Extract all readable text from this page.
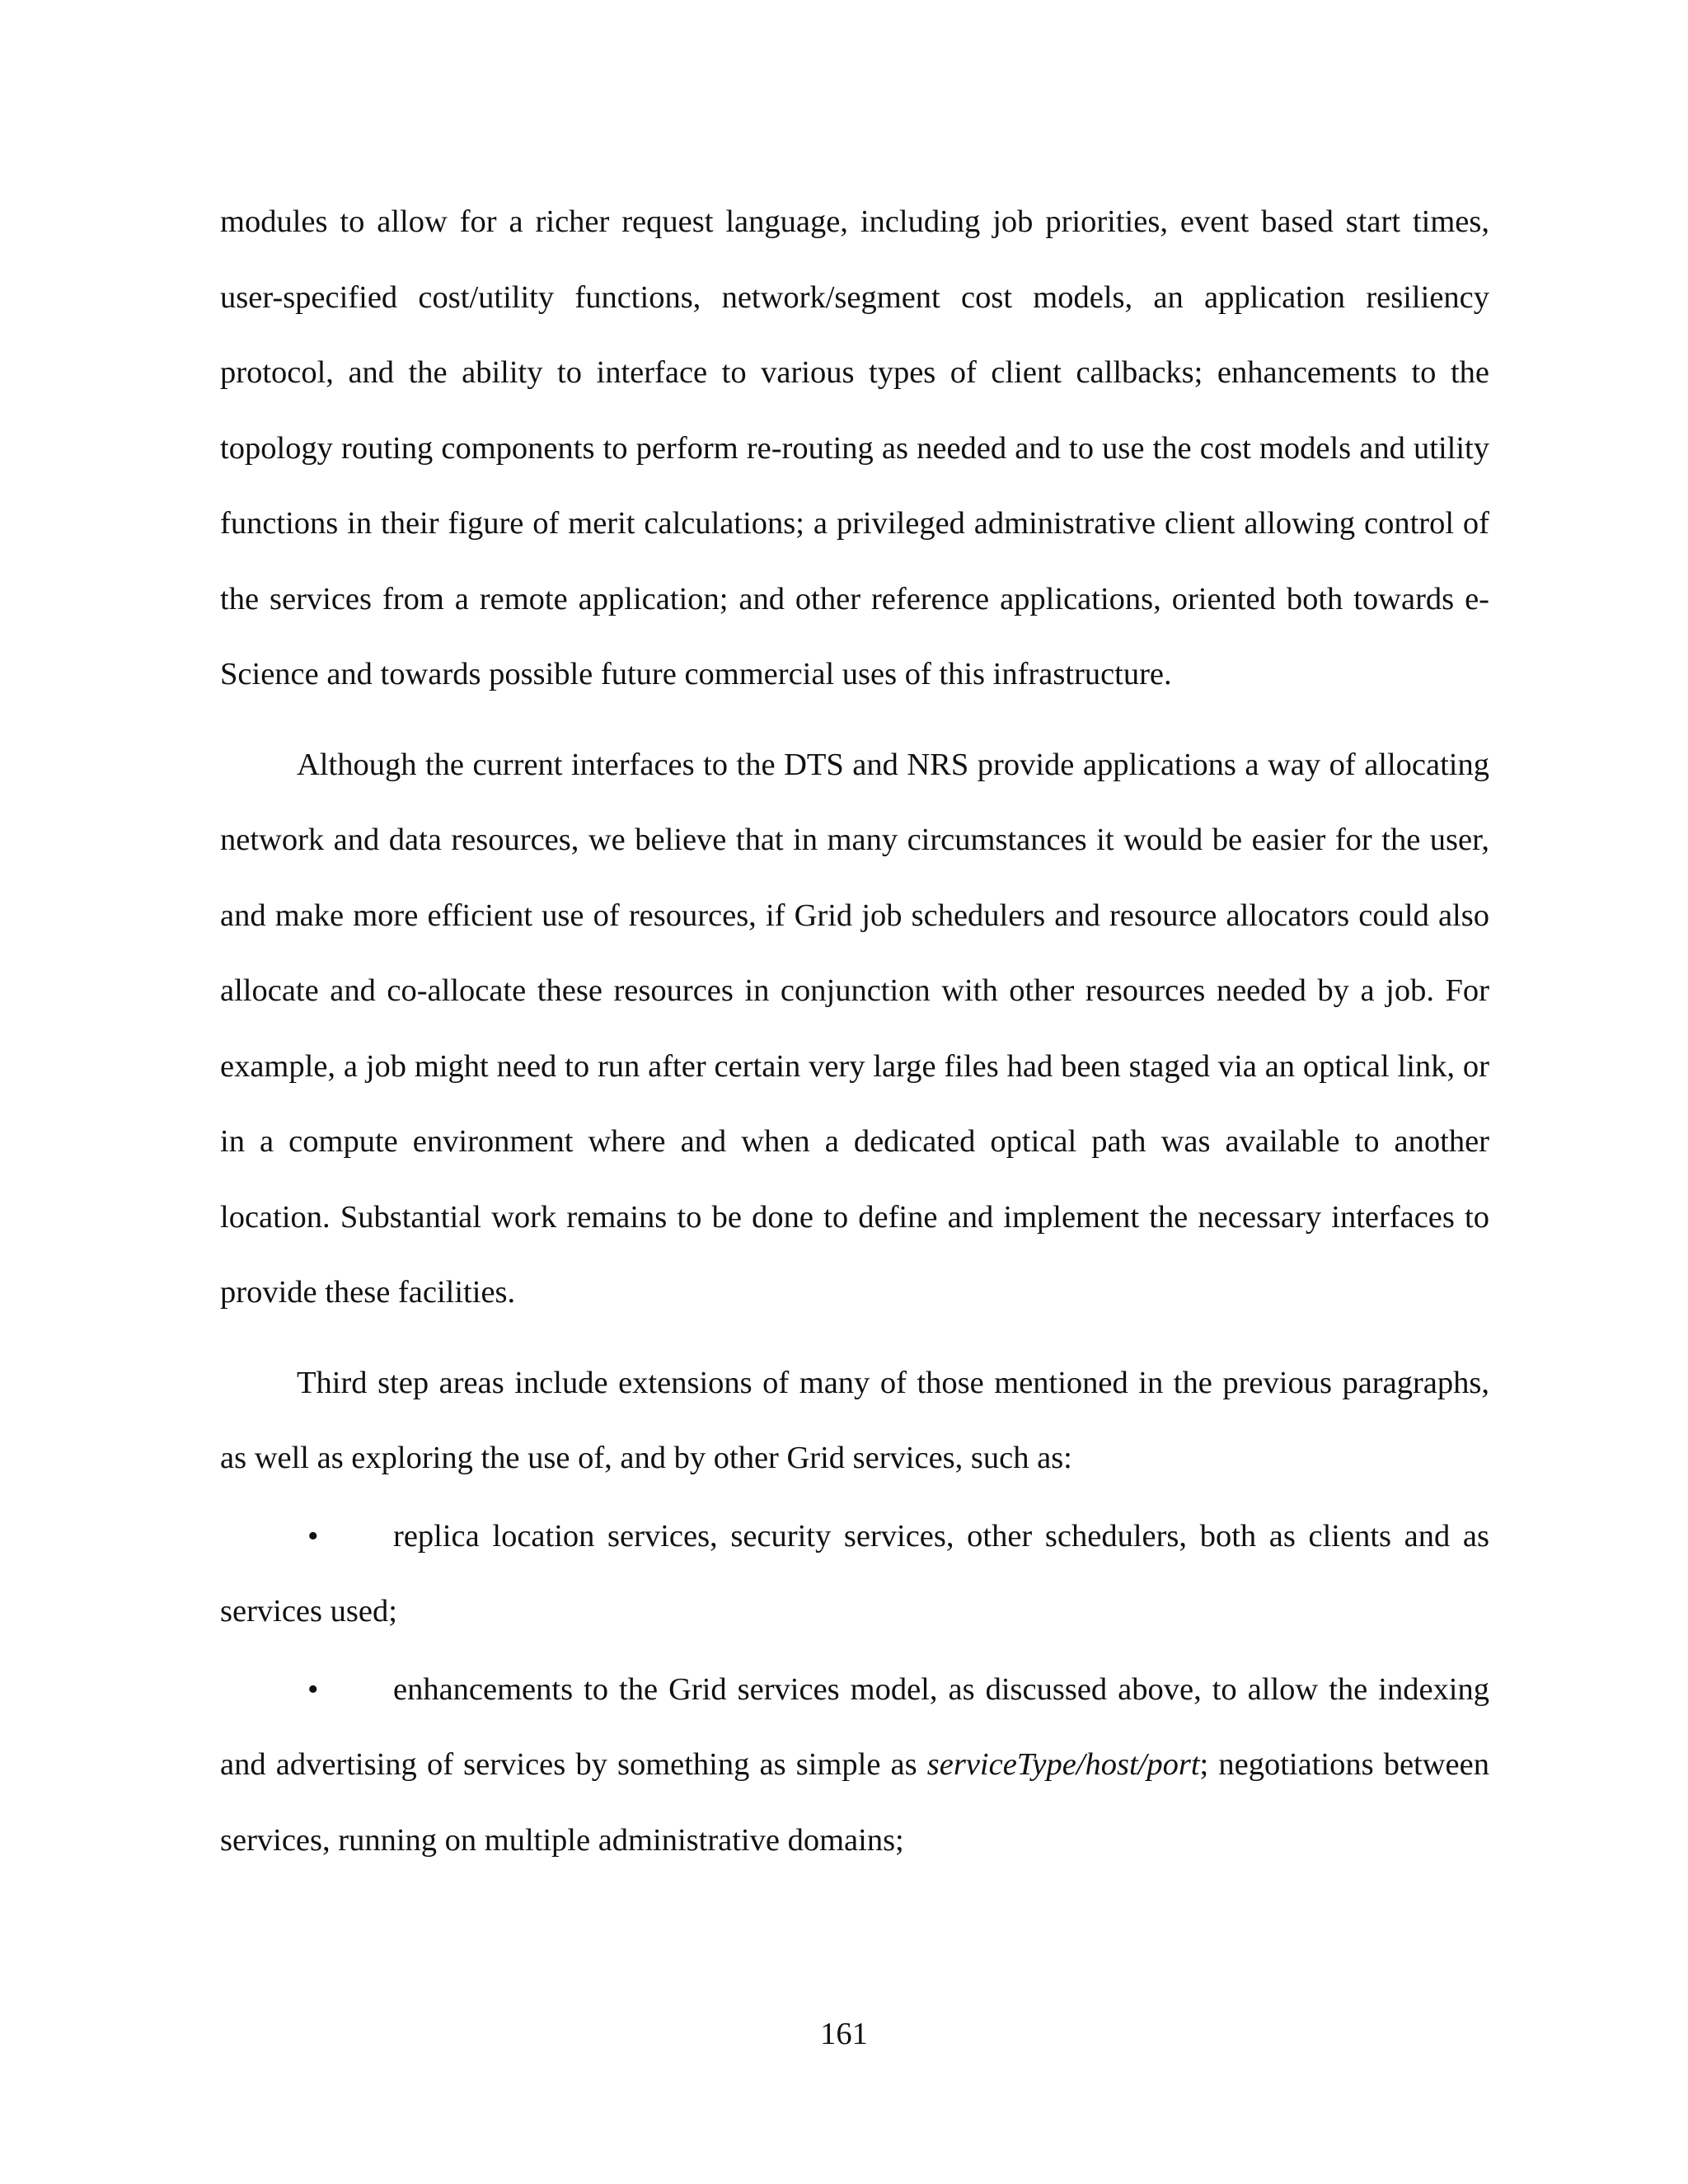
modules to allow for a richer request language, including job priorities, event based start times, user-specified cost/utility functions, network/segment cost models, an application resiliency protocol, and the ability to interface to various types of client callbacks; enhancements to the topology routing components to perform re-routing as needed and to use the cost models and utility functions in their figure of merit calculations; a privileged administrative client allowing control of the services from a remote application; and other reference applications, oriented both towards e-Science and towards possible future commercial uses of this infrastructure.

Although the current interfaces to the DTS and NRS provide applications a way of allocating network and data resources, we believe that in many circumstances it would be easier for the user, and make more efficient use of resources, if Grid job schedulers and resource allocators could also allocate and co-allocate these resources in conjunction with other resources needed by a job. For example, a job might need to run after certain very large files had been staged via an optical link, or in a compute environment where and when a dedicated optical path was available to another location. Substantial work remains to be done to define and implement the necessary interfaces to provide these facilities.

Third step areas include extensions of many of those mentioned in the previous paragraphs, as well as exploring the use of, and by other Grid services, such as:

• replica location services, security services, other schedulers, both as clients and as services used;

• enhancements to the Grid services model, as discussed above, to allow the indexing and advertising of services by something as simple as serviceType/host/port; negotiations between services, running on multiple administrative domains;

161
